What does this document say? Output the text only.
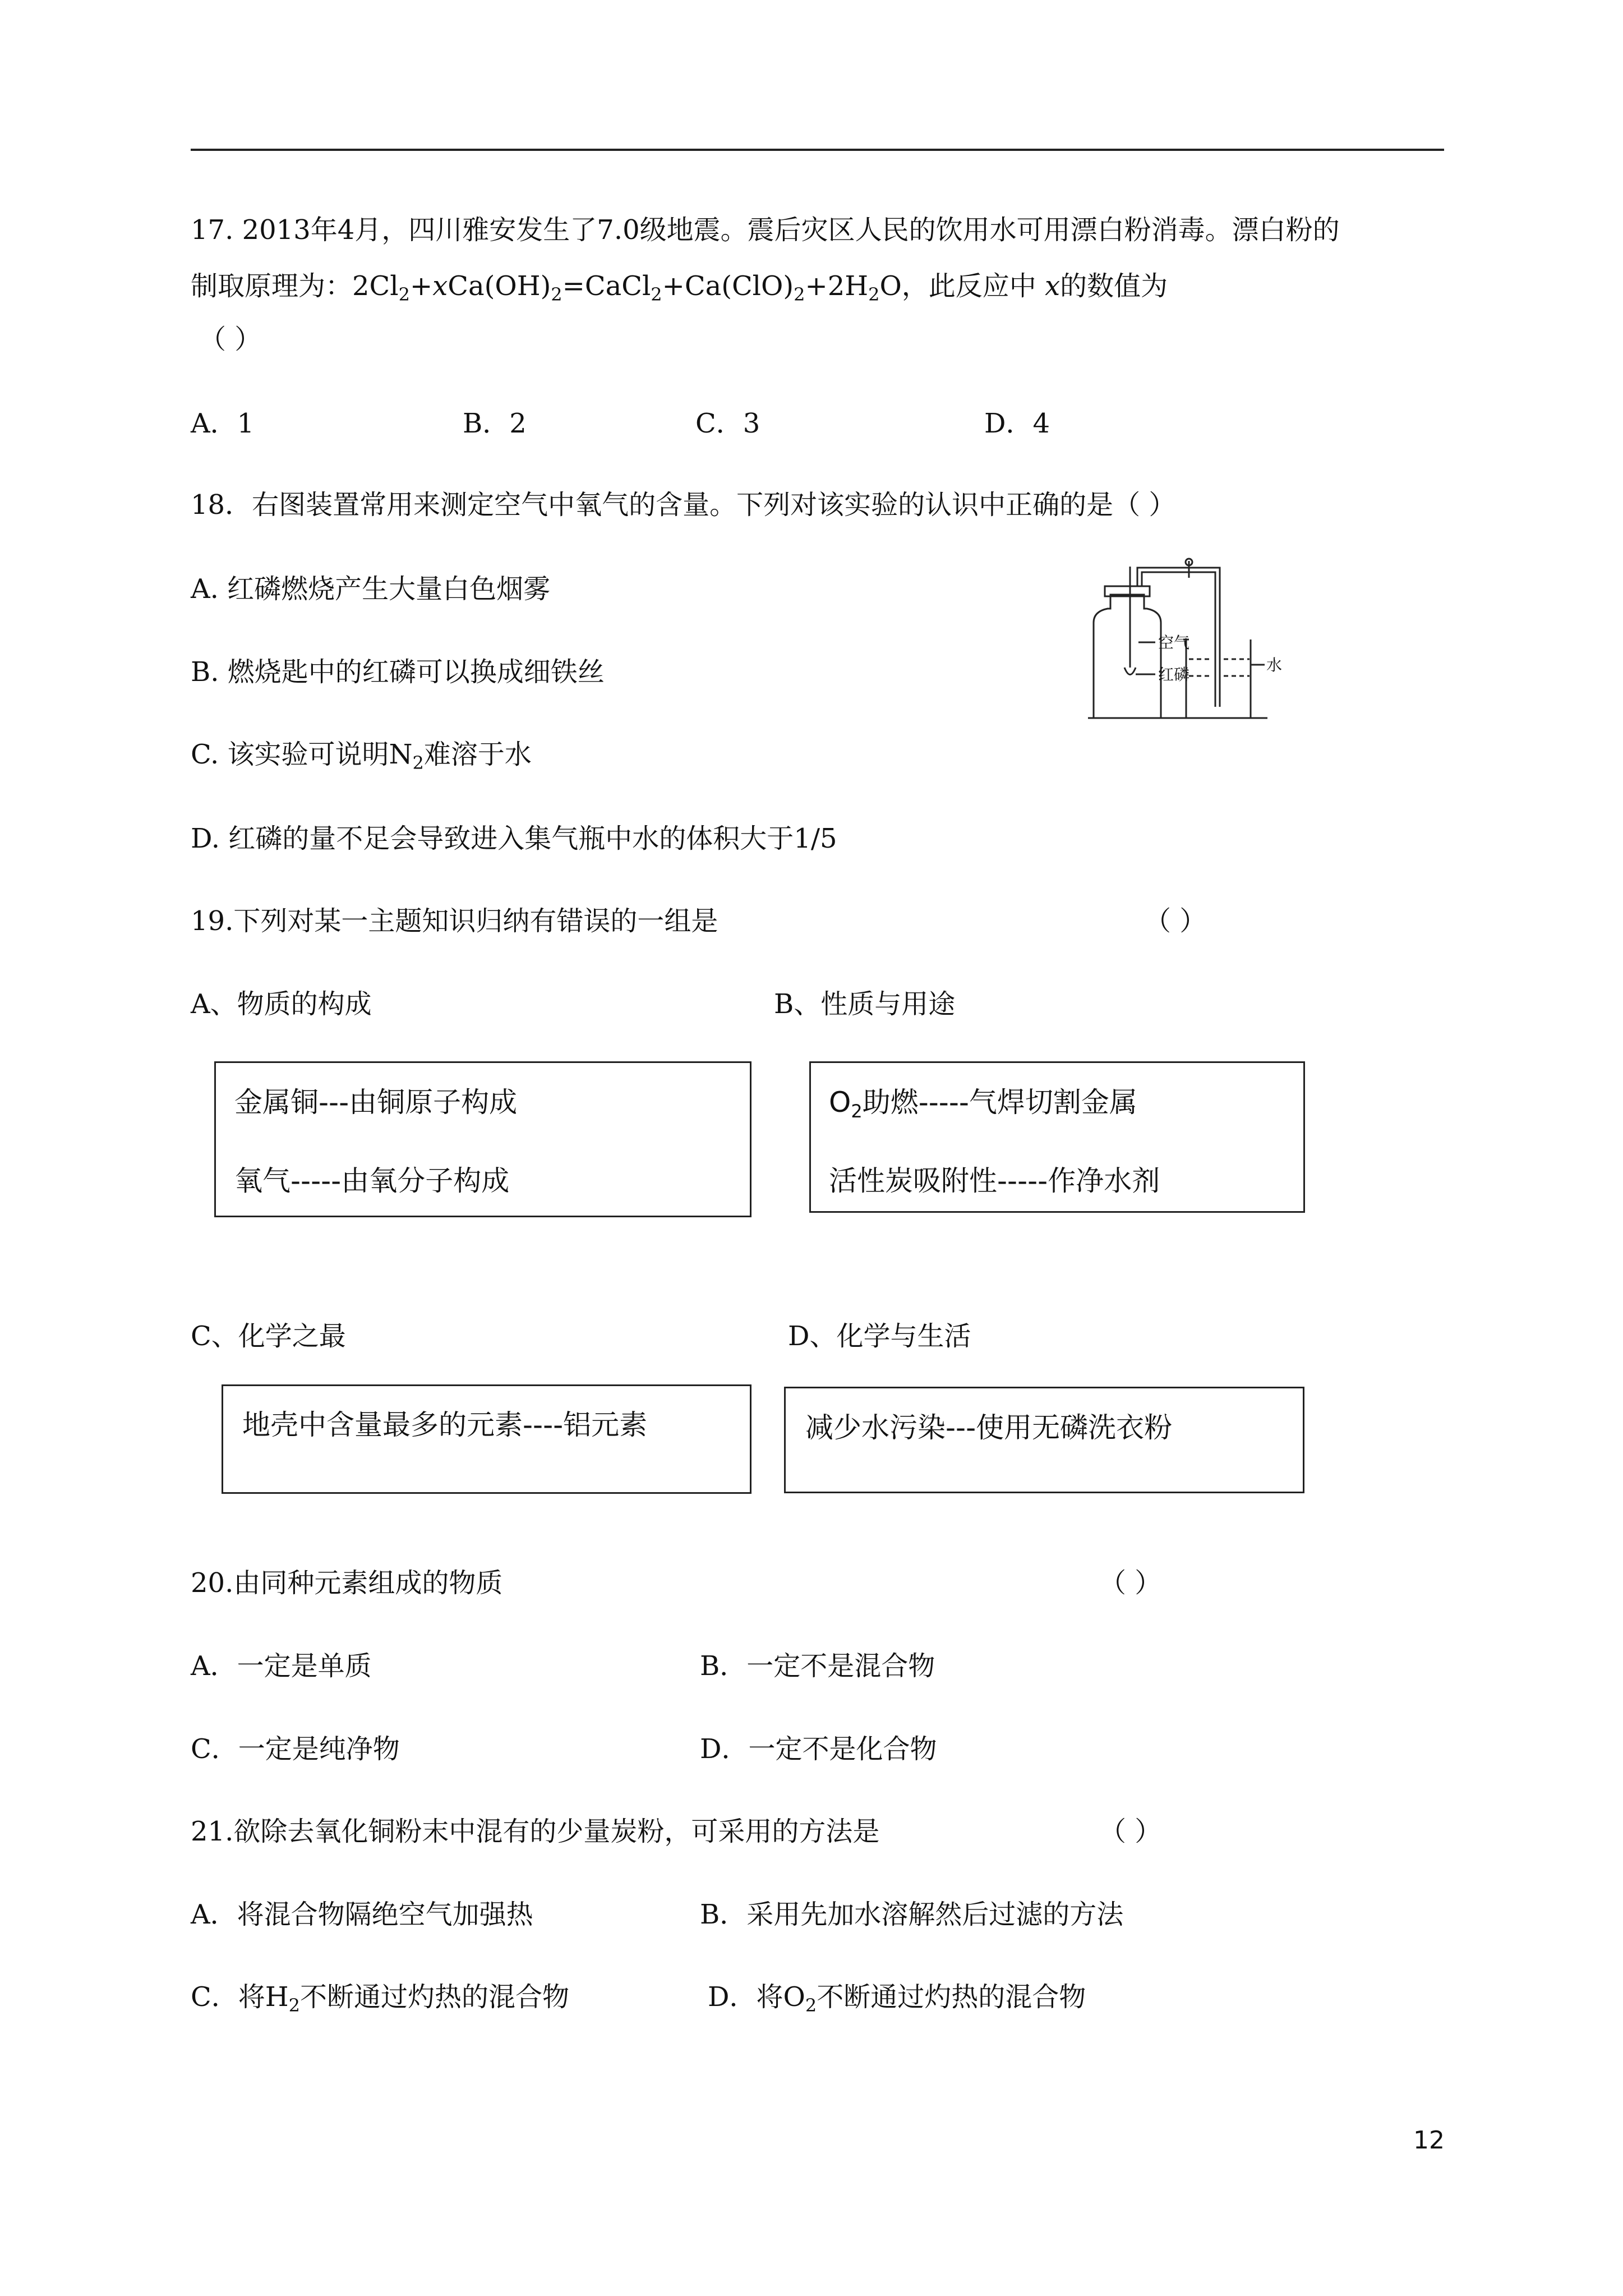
17. 2013年4月，四川雅安发生了7.0级地震。震后灾区人民的饮用水可用漂白粉消毒。漂白粉的
制取原理为：$2Cl_2+xCa(OH)_2=CaCl_2+Ca(ClO)_2+2H_2O$，此反应中 x的数值为
（ ）
A．1	B．2	C．3	D．4
18．右图装置常用来测定空气中氧气的含量。下列对该实验的认识中正确的是（ ）
A. 红磷燃烧产生大量白色烟雾
B. 燃烧匙中的红磷可以换成细铁丝
C. 该实验可说明$N_2$难溶于水
D. 红磷的量不足会导致进入集气瓶中水的体积大于1/5
空气
红磷
水
19.下列对某一主题知识归纳有错误的一组是	（ ）
A、物质的构成	B、性质与用途
金属铜---由铜原子构成
氧气-----由氧分子构成
$O_2$助燃-----气焊切割金属
活性炭吸附性-----作净水剂
C、化学之最	D、化学与生活
地壳中含量最多的元素----铝元素	减少水污染---使用无磷洗衣粉
20.由同种元素组成的物质	（ ）
A．一定是单质	B．一定不是混合物
C．一定是纯净物	D．一定不是化合物
21.欲除去氧化铜粉末中混有的少量炭粉，可采用的方法是	（ ）
A．将混合物隔绝空气加强热	B．采用先加水溶解然后过滤的方法
C．将$H_2$不断通过灼热的混合物	D．将$O_2$不断通过灼热的混合物
12
